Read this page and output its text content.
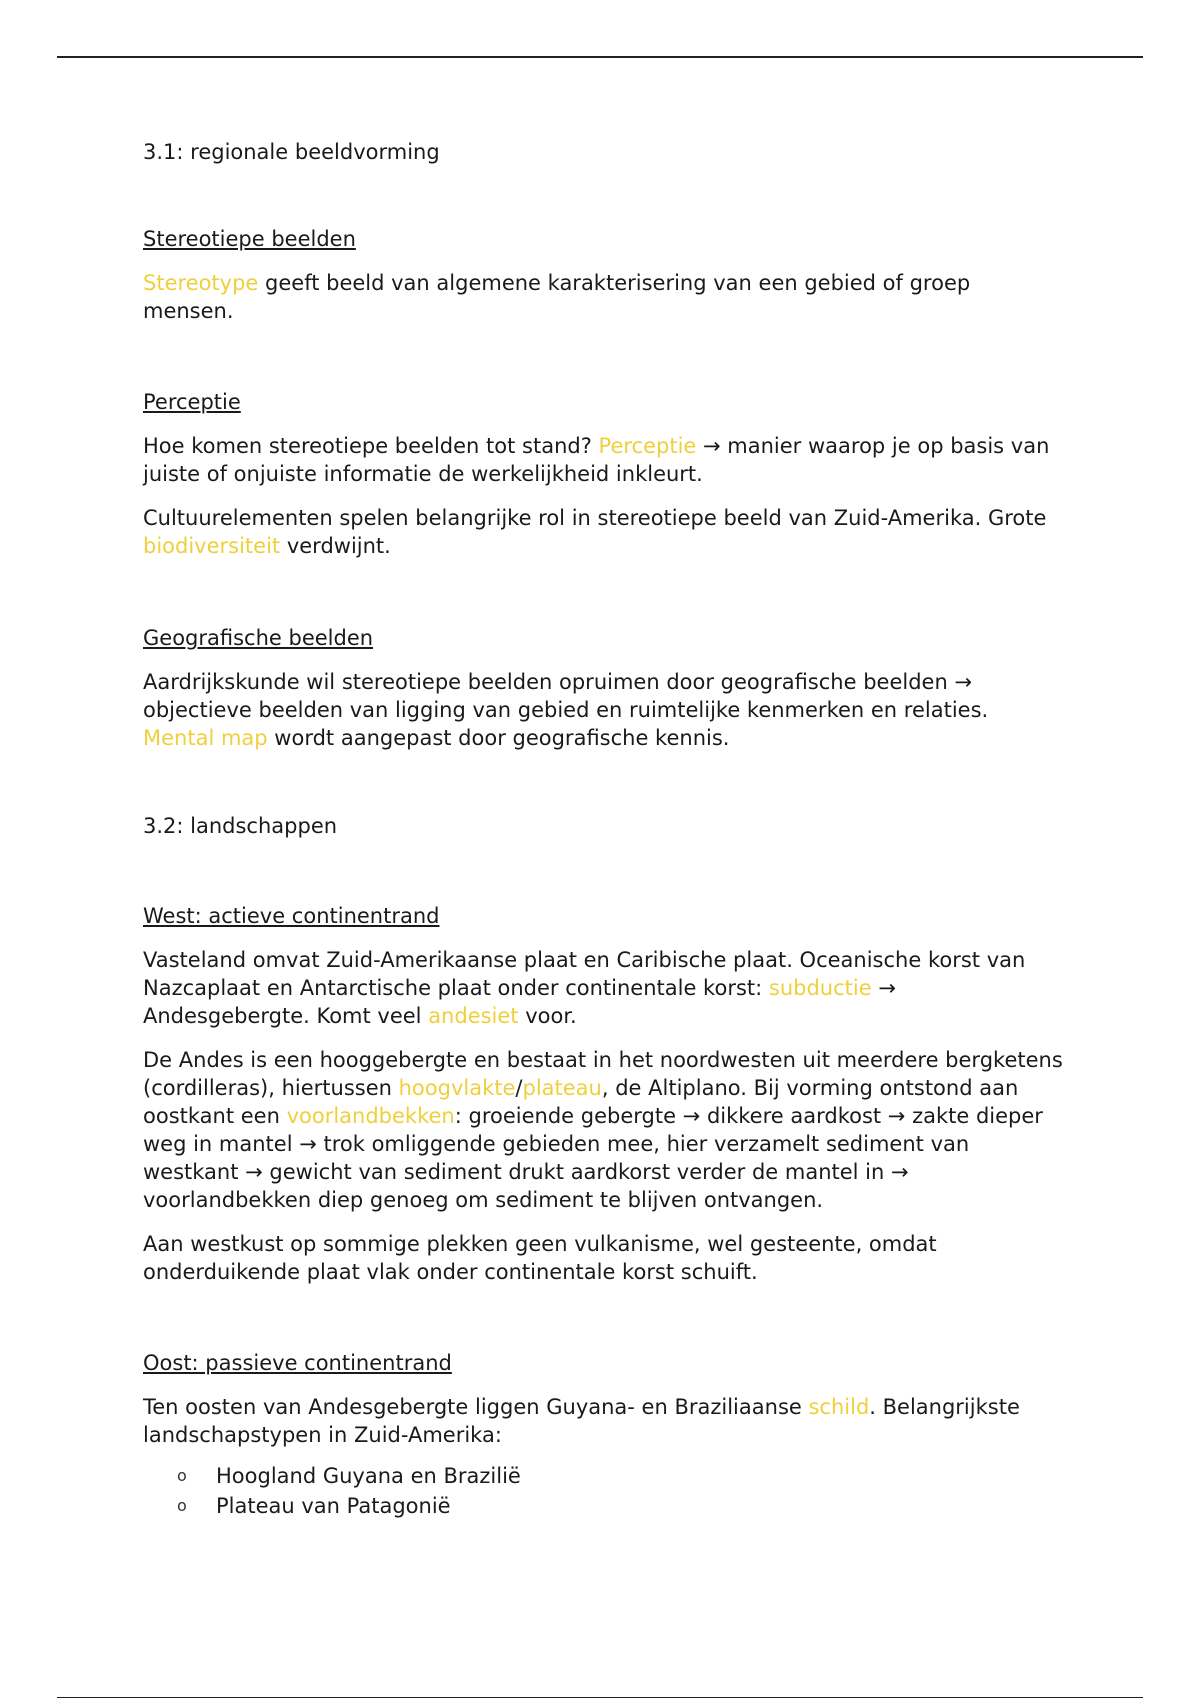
3.1: regionale beeldvorming
Stereotiepe beelden

Stereotype geeft beeld van algemene karakterisering van een gebied of groep mensen.

Perceptie

Hoe komen stereotiepe beelden tot stand? Perceptie → manier waarop je op basis van juiste of onjuiste informatie de werkelijkheid inkleurt.

Cultuurelementen spelen belangrijke rol in stereotiepe beeld van Zuid-Amerika. Grote biodiversiteit verdwijnt.

Geografische beelden

Aardrijkskunde wil stereotiepe beelden opruimen door geografische beelden → objectieve beelden van ligging van gebied en ruimtelijke kenmerken en relaties. Mental map wordt aangepast door geografische kennis.

3.2: landschappen
West: actieve continentrand

Vasteland omvat Zuid-Amerikaanse plaat en Caribische plaat. Oceanische korst van Nazcaplaat en Antarctische plaat onder continentale korst: subductie → Andesgebergte. Komt veel andesiet voor.

De Andes is een hooggebergte en bestaat in het noordwesten uit meerdere bergketens (cordilleras), hiertussen hoogvlakte/plateau, de Altiplano. Bij vorming ontstond aan oostkant een voorlandbekken: groeiende gebergte → dikkere aardkost → zakte dieper weg in mantel → trok omliggende gebieden mee, hier verzamelt sediment van westkant → gewicht van sediment drukt aardkorst verder de mantel in → voorlandbekken diep genoeg om sediment te blijven ontvangen.

Aan westkust op sommige plekken geen vulkanisme, wel gesteente, omdat onderduikende plaat vlak onder continentale korst schuift.

Oost: passieve continentrand

Ten oosten van Andesgebergte liggen Guyana- en Braziliaanse schild. Belangrijkste landschapstypen in Zuid-Amerika:

o Hoogland Guyana en Brazilië
o Plateau van Patagonië
